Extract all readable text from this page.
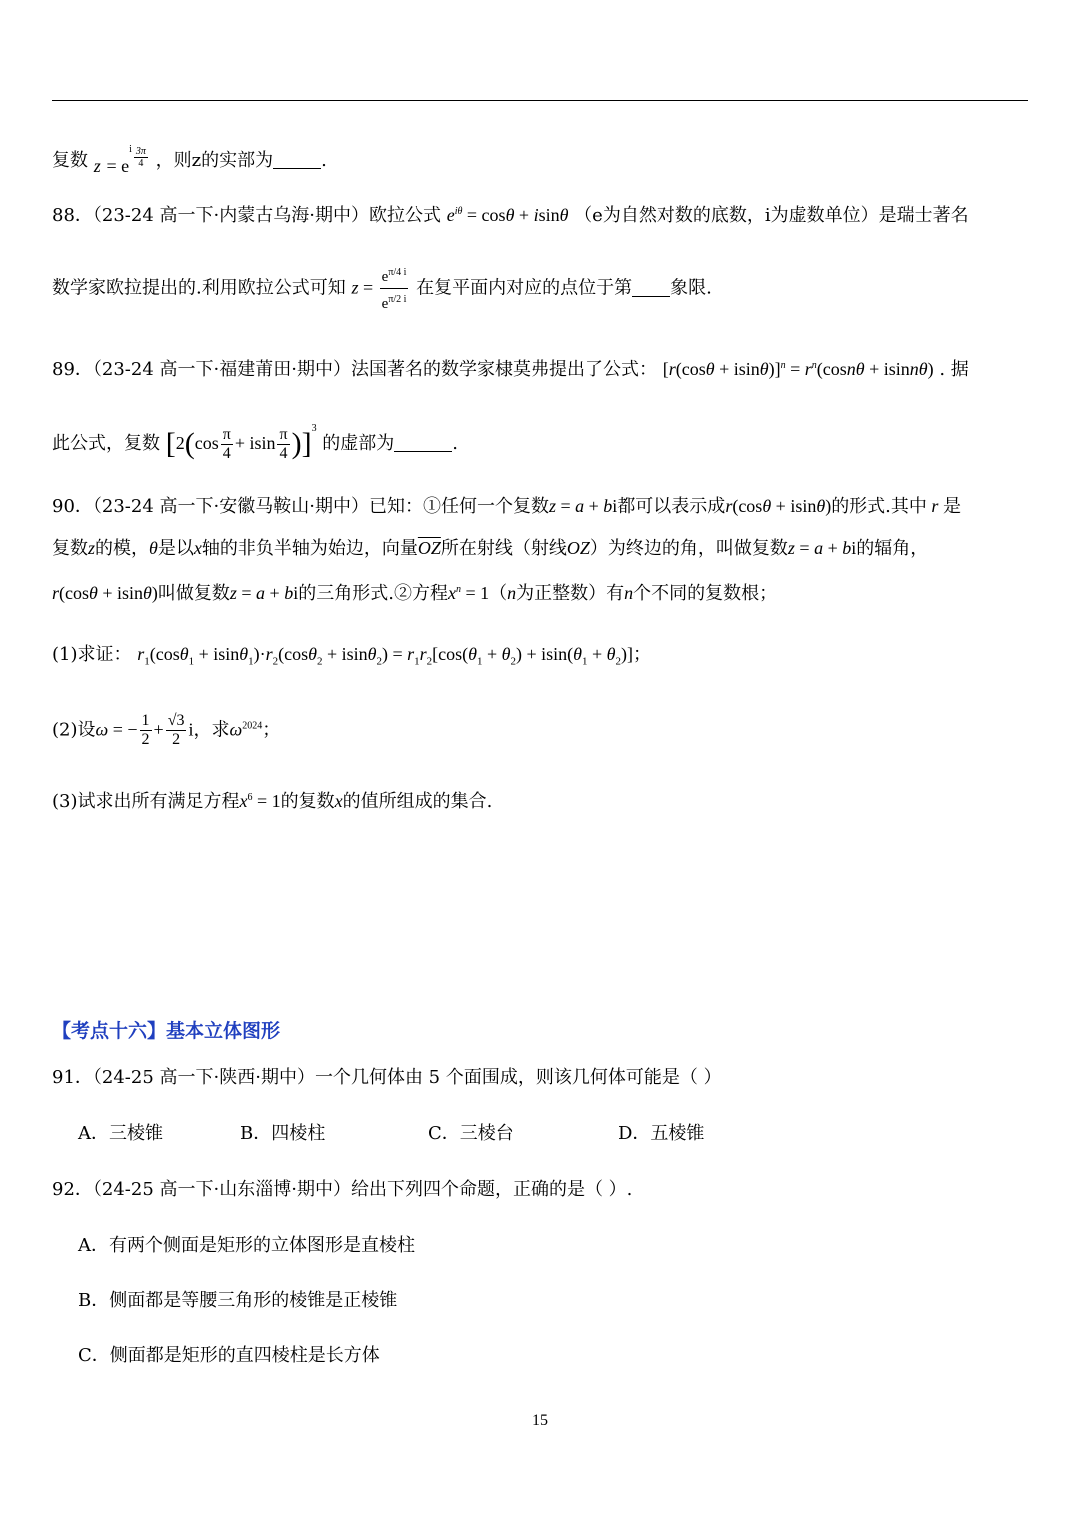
复数 $z = e^i \frac{3\pi}{4}$ ，则z的实部为	.
88．（23-24 高一下·内蒙古乌海·期中）欧拉公式 $e^{i\theta} = \cos\theta + isin\theta$ （e为自然对数的底数，i为虚数单位）是瑞士著名
数学家欧拉提出的.利用欧拉公式可知 $z = \frac{e^{\pi/4 i}}{e^{\pi/2 i}}$ 在复平面内对应的点位于第 象限.
89．（23-24 高一下·福建莆田·期中）法国著名的数学家棣莫弗提出了公式： $[r(\cos\theta + isin\theta)]^n = r^n(\cos n\theta + isinn\theta)$ . 据
此公式，复数 $[2(\cos \frac{\pi}{4} + isin \frac{\pi}{4} )]^3$ 的虚部为	.
90．（23-24 高一下·安徽马鞍山·期中）已知：①任何一个复数z = a + bi都可以表示成r(cosθ + isinθ)的形式.其中 r 是
复数z的模，θ是以x轴的非负半轴为始边，向量$\overline{OZ}$所在射线（射线OZ）为终边的角，叫做复数z = a + bi的辐角，
r(cosθ + isinθ)叫做复数z = a + bi的三角形式.②方程$x^n = 1(n$为正整数）有n个不同的复数根；
(1)求证： $r_1(\cos\theta_1 + isin\theta_1)\cdot r_2(\cos\theta_2 + isin\theta_2) = r_1r_2[\cos(\theta_1 + \theta_2) + isin(\theta_1 + \theta_2)]$；
(2)设ω = − $\frac{1}{2} + \frac{√3}{2}$ i，求$\omega^{2024}$；
(3)试求出所有满足方程$x^6 = 1$的复数x的值所组成的集合.
【考点十六】基本立体图形
91．（24-25 高一下·陕西·期中）一个几何体由 5 个面围成，则该几何体可能是（ ）
A．三棱锥	B．四棱柱	C．三棱台	D．五棱锥
92．（24-25 高一下·山东淄博·期中）给出下列四个命题，正确的是（ ）.
A．有两个侧面是矩形的立体图形是直棱柱
B．侧面都是等腰三角形的棱锥是正棱锥
C．侧面都是矩形的直四棱柱是长方体
15
